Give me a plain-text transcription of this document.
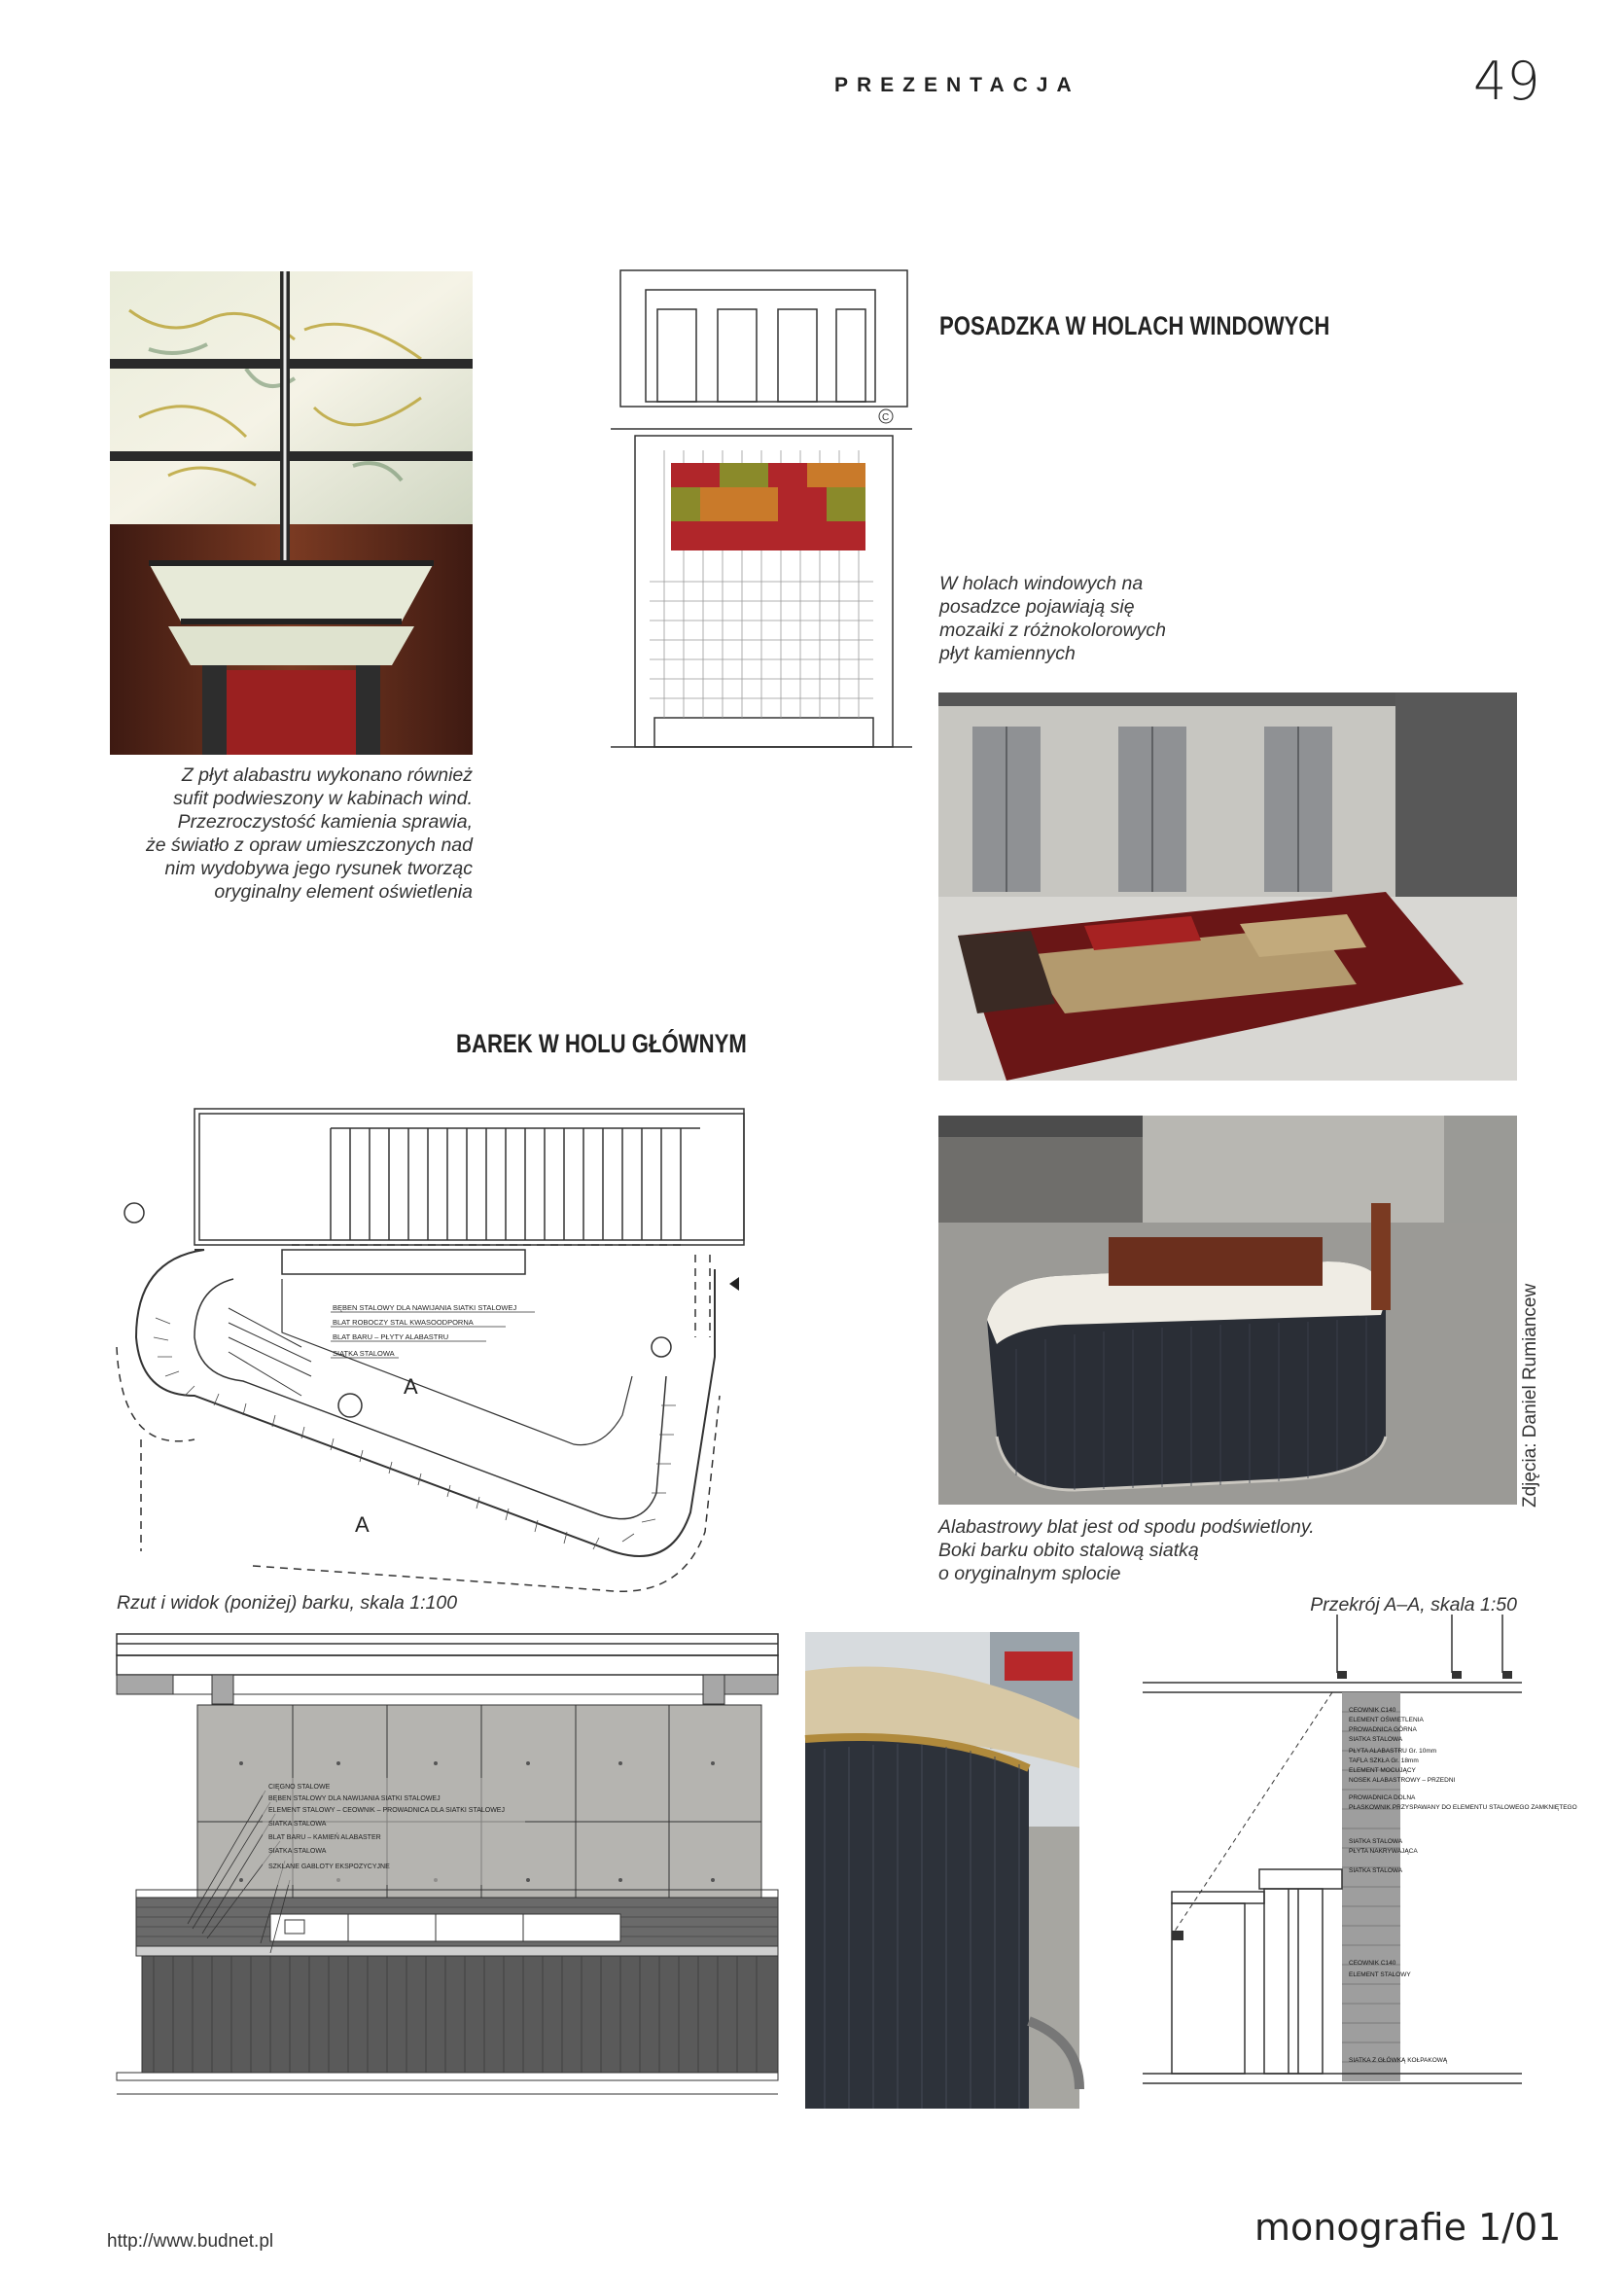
PREZENTACJA	49
Z płyt alabastru wykonano również
sufit podwieszony w kabinach wind.
Przezroczystość kamienia sprawia,
że światło z opraw umieszczonych nad
nim wydobywa jego rysunek tworząc
oryginalny element oświetlenia
C
POSADZKA W HOLACH WINDOWYCH
W holach windowych na
posadzce pojawiają się
mozaiki z różnokolorowych
płyt kamiennych
BAREK W HOLU GŁÓWNYM
BĘBEN STALOWY DLA NAWIJANIA SIATKI STALOWEJ
BLAT ROBOCZY STAL KWASOODPORNA
BLAT BARU – PŁYTY ALABASTRU
SIATKA STALOWA
A
A
Zdjęcia: Daniel Rumiancew
Alabastrowy blat jest od spodu podświetlony.
Boki barku obito stalową siatką
o oryginalnym splocie
Rzut i widok (poniżej) barku, skala 1:100	Przekrój A–A, skala 1:50
CIĘGNO STALOWE
BĘBEN STALOWY DLA NAWIJANIA SIATKI STALOWEJ
ELEMENT STALOWY – CEOWNIK – PROWADNICA DLA SIATKI STALOWEJ
SIATKA STALOWA
BLAT BARU – KAMIEŃ ALABASTER
SIATKA STALOWA
SZKLANE GABLOTY EKSPOZYCYJNE
CEOWNIK C140
ELEMENT OŚWIETLENIA
PROWADNICA GÓRNA
SIATKA STALOWA
PŁYTA ALABASTRU Gr. 10mm
TAFLA SZKŁA Gr. 18mm
ELEMENT MOCUJĄCY
NOSEK ALABASTROWY – PRZEDNI
PROWADNICA DOLNA
PŁASKOWNIK PRZYSPAWANY DO ELEMENTU STALOWEGO ZAMKNIĘTEGO
SIATKA STALOWA
PŁYTA NAKRYWAJĄCA
SIATKA STALOWA
CEOWNIK C140
ELEMENT STALOWY
SIATKA Z GŁÓWKĄ KOŁPAKOWĄ
http://www.budnet.pl	monografie 1/01
